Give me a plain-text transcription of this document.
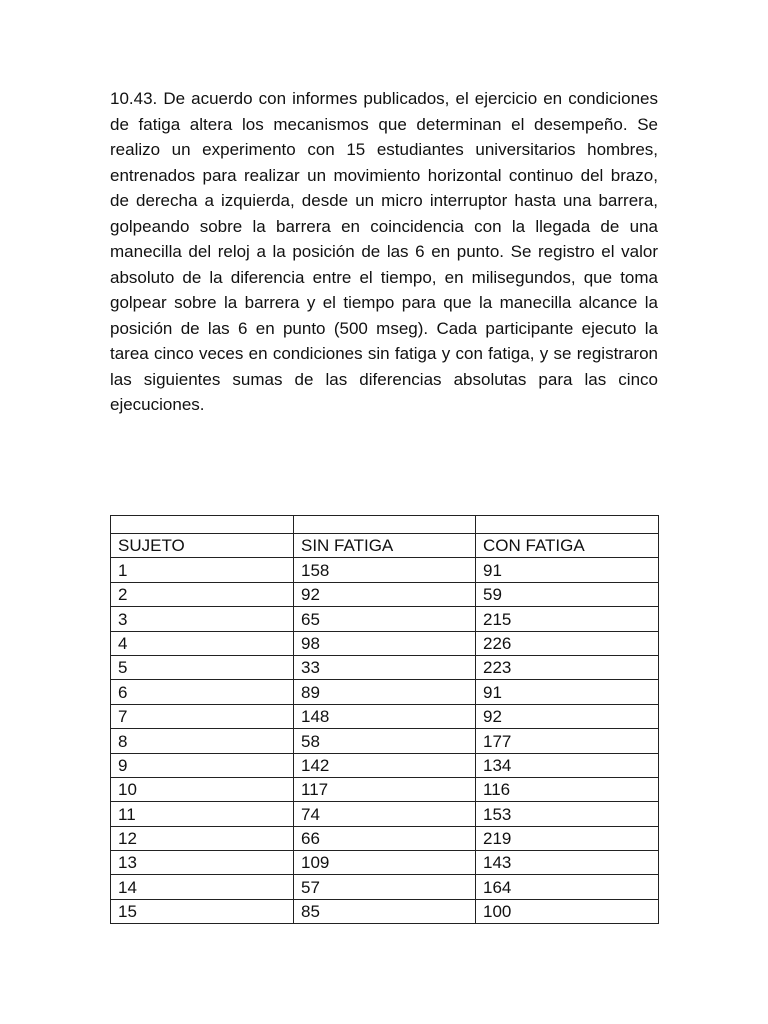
10.43. De acuerdo con informes publicados, el ejercicio en condiciones de fatiga altera los mecanismos que determinan el desempeño. Se realizo un experimento con 15 estudiantes universitarios hombres, entrenados para realizar un movimiento horizontal continuo del brazo, de derecha a izquierda, desde un micro interruptor hasta una barrera, golpeando sobre la barrera en coincidencia con la llegada de una manecilla del reloj a la posición de las 6 en punto. Se registro el valor absoluto de la diferencia entre el tiempo, en milisegundos, que toma golpear sobre la barrera y el tiempo para que la manecilla alcance la posición de las 6 en punto (500 mseg). Cada participante ejecuto la tarea cinco veces en condiciones sin fatiga y con fatiga, y se registraron las siguientes sumas de las diferencias absolutas para las cinco ejecuciones.

SUJETO	SIN FATIGA	CON FATIGA
1	158	91
2	92	59
3	65	215
4	98	226
5	33	223
6	89	91
7	148	92
8	58	177
9	142	134
10	117	116
11	74	153
12	66	219
13	109	143
14	57	164
15	85	100
